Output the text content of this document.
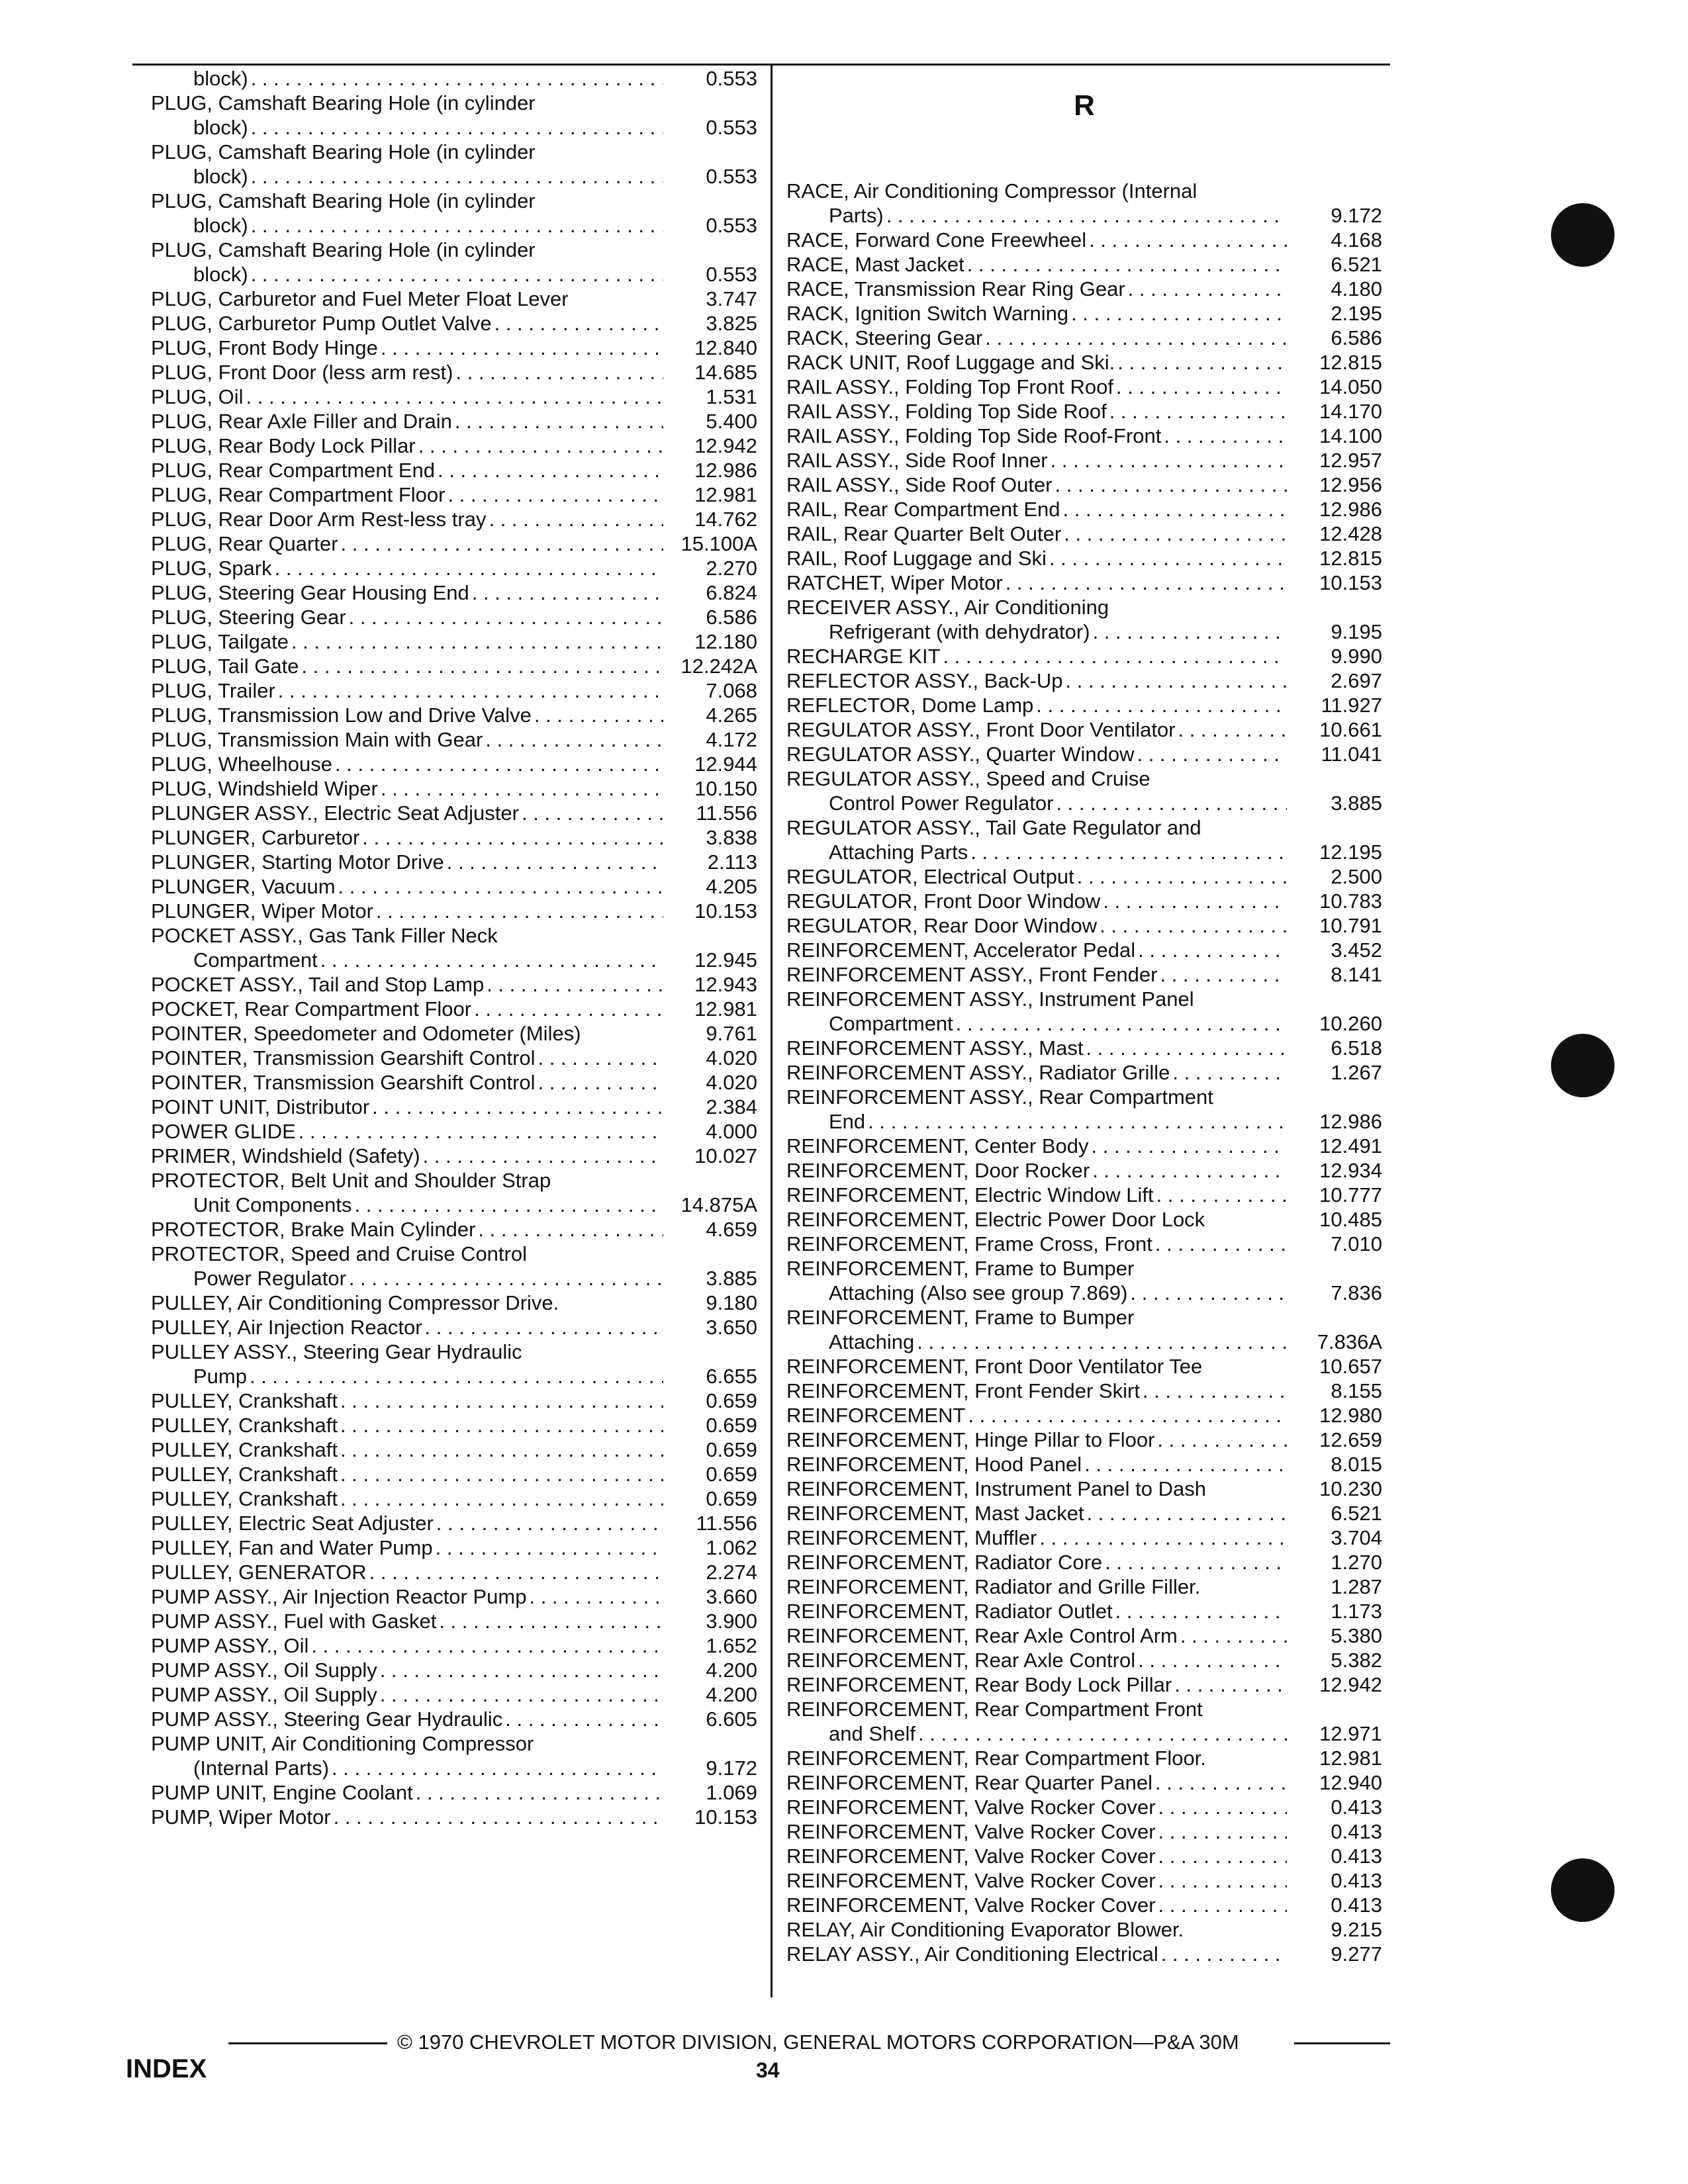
block) . . .	0.553
PLUG, Camshaft Bearing Hole (in cylinder
block) . . .	0.553
PLUG, Camshaft Bearing Hole (in cylinder
block) . . .	0.553
PLUG, Camshaft Bearing Hole (in cylinder
block) . . .	0.553
PLUG, Camshaft Bearing Hole (in cylinder
block) . . .	0.553
PLUG, Carburetor and Fuel Meter Float Lever	3.747
PLUG, Carburetor Pump Outlet Valve . . .	3.825
PLUG, Front Body Hinge . . .	12.840
PLUG, Front Door (less arm rest) . . .	14.685
PLUG, Oil . . .	1.531
PLUG, Rear Axle Filler and Drain . . .	5.400
PLUG, Rear Body Lock Pillar . . .	12.942
PLUG, Rear Compartment End . . .	12.986
PLUG, Rear Compartment Floor . . .	12.981
PLUG, Rear Door Arm Rest-less tray . . .	14.762
PLUG, Rear Quarter . . .	15.100A
PLUG, Spark . . .	2.270
PLUG, Steering Gear Housing End . . .	6.824
PLUG, Steering Gear . . .	6.586
PLUG, Tailgate . . .	12.180
PLUG, Tail Gate . . .	12.242A
PLUG, Trailer . . .	7.068
PLUG, Transmission Low and Drive Valve . . .	4.265
PLUG, Transmission Main with Gear . . .	4.172
PLUG, Wheelhouse . . .	12.944
PLUG, Windshield Wiper . . .	10.150
PLUNGER ASSY., Electric Seat Adjuster . . .	11.556
PLUNGER, Carburetor . . .	3.838
PLUNGER, Starting Motor Drive . . .	2.113
PLUNGER, Vacuum . . .	4.205
PLUNGER, Wiper Motor . . .	10.153
POCKET ASSY., Gas Tank Filler Neck
Compartment . . .	12.945
POCKET ASSY., Tail and Stop Lamp . . .	12.943
POCKET, Rear Compartment Floor . . .	12.981
POINTER, Speedometer and Odometer (Miles)	9.761
POINTER, Transmission Gearshift Control . . .	4.020
POINTER, Transmission Gearshift Control . . .	4.020
POINT UNIT, Distributor . . .	2.384
POWER GLIDE . . .	4.000
PRIMER, Windshield (Safety) . . .	10.027
PROTECTOR, Belt Unit and Shoulder Strap
Unit Components . . .	14.875A
PROTECTOR, Brake Main Cylinder . . .	4.659
PROTECTOR, Speed and Cruise Control
Power Regulator . . .	3.885
PULLEY, Air Conditioning Compressor Drive.	9.180
PULLEY, Air Injection Reactor . . .	3.650
PULLEY ASSY., Steering Gear Hydraulic
Pump . . .	6.655
PULLEY, Crankshaft . . .	0.659
PULLEY, Crankshaft . . .	0.659
PULLEY, Crankshaft . . .	0.659
PULLEY, Crankshaft . . .	0.659
PULLEY, Crankshaft . . .	0.659
PULLEY, Electric Seat Adjuster . . .	11.556
PULLEY, Fan and Water Pump . . .	1.062
PULLEY, GENERATOR . . .	2.274
PUMP ASSY., Air Injection Reactor Pump . . .	3.660
PUMP ASSY., Fuel with Gasket . . .	3.900
PUMP ASSY., Oil . . .	1.652
PUMP ASSY., Oil Supply . . .	4.200
PUMP ASSY., Oil Supply . . .	4.200
PUMP ASSY., Steering Gear Hydraulic . . .	6.605
PUMP UNIT, Air Conditioning Compressor
(Internal Parts) . . .	9.172
PUMP UNIT, Engine Coolant . . .	1.069
PUMP, Wiper Motor . . .	10.153
R
RACE, Air Conditioning Compressor (Internal
Parts) . . .	9.172
RACE, Forward Cone Freewheel . . .	4.168
RACE, Mast Jacket . . .	6.521
RACE, Transmission Rear Ring Gear . . .	4.180
RACK, Ignition Switch Warning . . .	2.195
RACK, Steering Gear . . .	6.586
RACK UNIT, Roof Luggage and Ski. . . .	12.815
RAIL ASSY., Folding Top Front Roof . . .	14.050
RAIL ASSY., Folding Top Side Roof . . .	14.170
RAIL ASSY., Folding Top Side Roof-Front . . .	14.100
RAIL ASSY., Side Roof Inner . . .	12.957
RAIL ASSY., Side Roof Outer . . .	12.956
RAIL, Rear Compartment End . . .	12.986
RAIL, Rear Quarter Belt Outer . . .	12.428
RAIL, Roof Luggage and Ski . . .	12.815
RATCHET, Wiper Motor . . .	10.153
RECEIVER ASSY., Air Conditioning
Refrigerant (with dehydrator) . . .	9.195
RECHARGE KIT . . .	9.990
REFLECTOR ASSY., Back-Up . . .	2.697
REFLECTOR, Dome Lamp . . .	11.927
REGULATOR ASSY., Front Door Ventilator . . .	10.661
REGULATOR ASSY., Quarter Window . . .	11.041
REGULATOR ASSY., Speed and Cruise
Control Power Regulator . . .	3.885
REGULATOR ASSY., Tail Gate Regulator and
Attaching Parts . . .	12.195
REGULATOR, Electrical Output . . .	2.500
REGULATOR, Front Door Window . . .	10.783
REGULATOR, Rear Door Window . . .	10.791
REINFORCEMENT, Accelerator Pedal . . .	3.452
REINFORCEMENT ASSY., Front Fender . . .	8.141
REINFORCEMENT ASSY., Instrument Panel
Compartment . . .	10.260
REINFORCEMENT ASSY., Mast . . .	6.518
REINFORCEMENT ASSY., Radiator Grille . . .	1.267
REINFORCEMENT ASSY., Rear Compartment
End . . .	12.986
REINFORCEMENT, Center Body . . .	12.491
REINFORCEMENT, Door Rocker . . .	12.934
REINFORCEMENT, Electric Window Lift . . .	10.777
REINFORCEMENT, Electric Power Door Lock	10.485
REINFORCEMENT, Frame Cross, Front . . .	7.010
REINFORCEMENT, Frame to Bumper
Attaching (Also see group 7.869) . . .	7.836
REINFORCEMENT, Frame to Bumper
Attaching . . .	7.836A
REINFORCEMENT, Front Door Ventilator Tee	10.657
REINFORCEMENT, Front Fender Skirt . . .	8.155
REINFORCEMENT . . .	12.980
REINFORCEMENT, Hinge Pillar to Floor . . .	12.659
REINFORCEMENT, Hood Panel . . .	8.015
REINFORCEMENT, Instrument Panel to Dash	10.230
REINFORCEMENT, Mast Jacket . . .	6.521
REINFORCEMENT, Muffler . . .	3.704
REINFORCEMENT, Radiator Core . . .	1.270
REINFORCEMENT, Radiator and Grille Filler.	1.287
REINFORCEMENT, Radiator Outlet . . .	1.173
REINFORCEMENT, Rear Axle Control Arm . . .	5.380
REINFORCEMENT, Rear Axle Control . . .	5.382
REINFORCEMENT, Rear Body Lock Pillar . . .	12.942
REINFORCEMENT, Rear Compartment Front
and Shelf . . .	12.971
REINFORCEMENT, Rear Compartment Floor.	12.981
REINFORCEMENT, Rear Quarter Panel . . .	12.940
REINFORCEMENT, Valve Rocker Cover . . .	0.413
REINFORCEMENT, Valve Rocker Cover . . .	0.413
REINFORCEMENT, Valve Rocker Cover . . .	0.413
REINFORCEMENT, Valve Rocker Cover . . .	0.413
REINFORCEMENT, Valve Rocker Cover . . .	0.413
RELAY, Air Conditioning Evaporator Blower.	9.215
RELAY ASSY., Air Conditioning Electrical . . .	9.277
© 1970 CHEVROLET MOTOR DIVISION, GENERAL MOTORS CORPORATION—P&A 30M
INDEX	34
